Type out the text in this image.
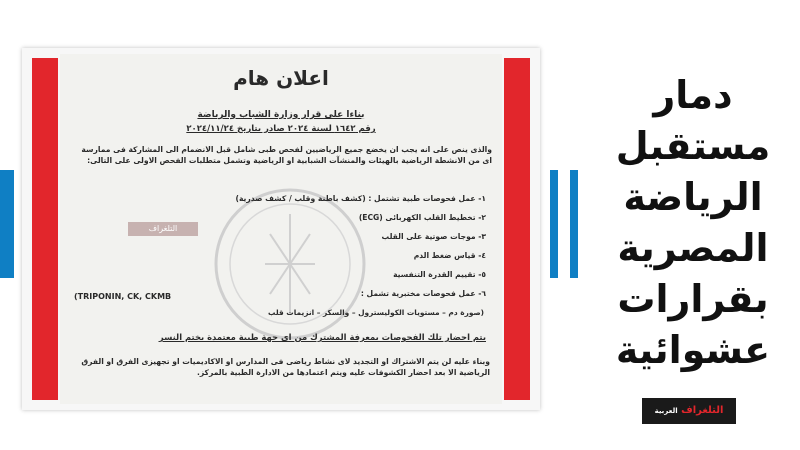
التلغراف
اعلان هام
بناءا على قرار وزارة الشباب والرياضة
رقم ١٦٤٢ لسنة ٢٠٢٤ صادر بتاريخ ٢٠٢٤/١١/٢٤
والذى ينص على انه يجب ان يخضع جميع الرياضيين لفحص طبى شامل قبل الانضمام الى المشاركة فى ممارسة اى من الانشطة الرياضية بالهيئات والمنشآت الشبابية او الرياضية وتشمل متطلبات الفحص الاولى على التالى:
١- عمل فحوصات طبية تشتمل : (كشف باطنة وقلب / كشف صدرية)
٢- تخطيط القلب الكهربائى (ECG)
٣- موجات صوتية على القلب
٤- قياس ضغط الدم
٥- تقييم القدرة التنفسية
٦- عمل فحوصات مختبرية تشمل :
(TRIPONIN, CK, CKMB
(صورة دم – مستويات الكوليسترول – والسكر – انزيمات قلب
يتم احضار تلك الفحوصات بمعرفة المشترك من اى جهة طبية معتمدة بختم النسر
وبناء عليه لن يتم الاشتراك او التجديد لاى نشاط رياضى فى المدارس او الاكاديميات او تجهيزى الفرق او الفرق الرياضية الا بعد احضار الكشوفات عليه ويتم اعتمادها من الادارة الطبية بالمركز.
دمار
مستقبل
الرياضة
المصرية
بقرارات
عشوائية
التلغراف العربية
